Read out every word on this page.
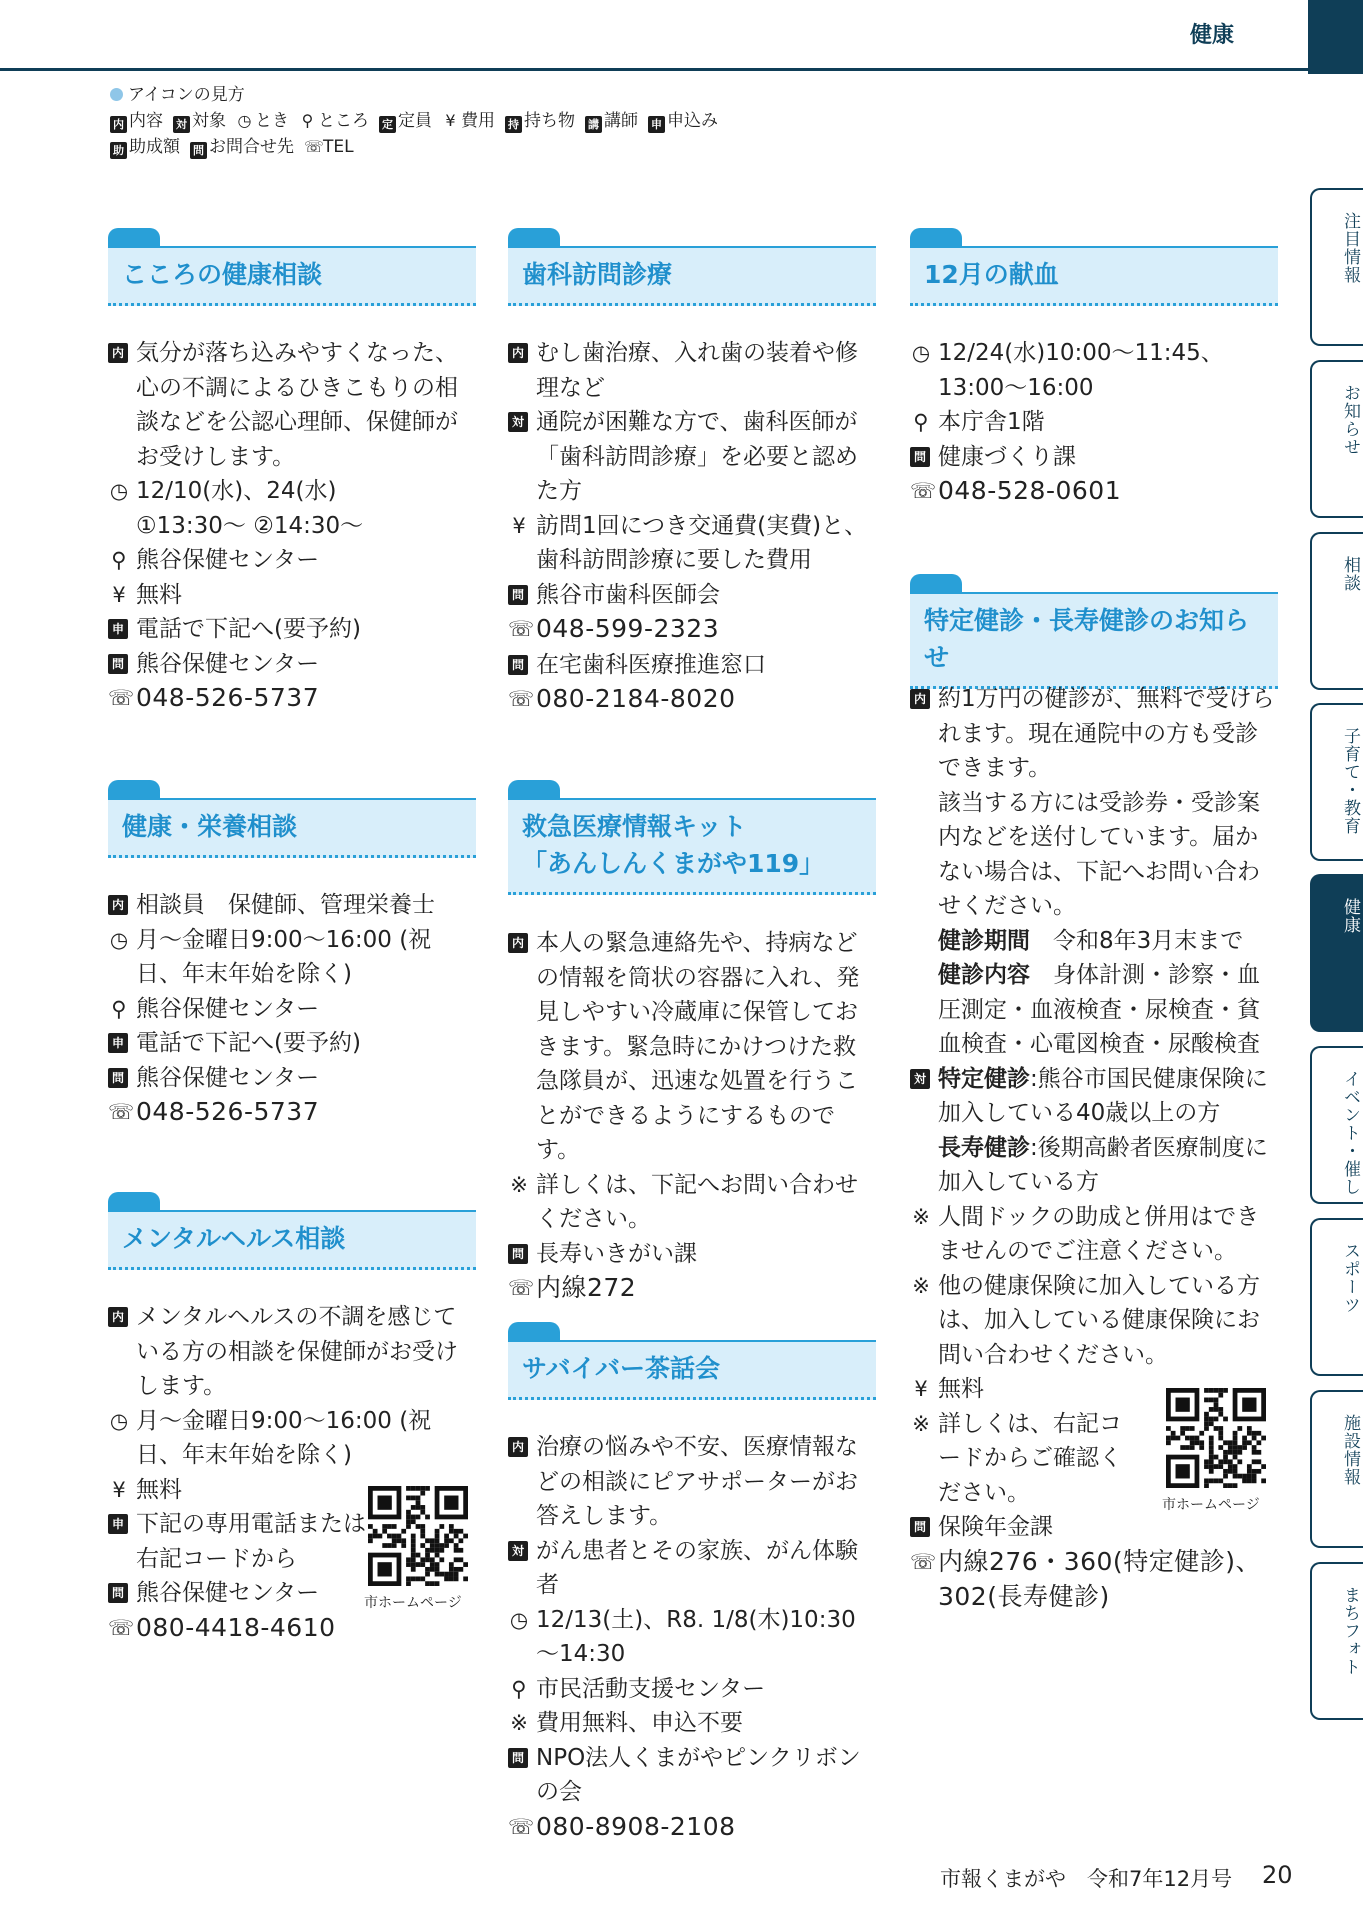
健康
アイコンの見方
内 内容 対 対象 ◷ とき ⚲ ところ 定 定員 ¥ 費用 持 持ち物 講 講師 申 申込み
助 助成額 問 お問合せ先 ☏TEL
注目情報
お知らせ
相談
子育て・教育
健康
イベント・催し
スポーツ
施設情報
まちフォト
こころの健康相談
内 気分が落ち込みやすくなった、心の不調によるひきこもりの相談などを公認心理師、保健師がお受けします。
◷ 12/10(水)、24(水)
①13:30〜 ②14:30〜
⚲ 熊谷保健センター
¥ 無料
申 電話で下記へ(要予約)
問 熊谷保健センター
☏ 048-526-5737
健康・栄養相談
内 相談員　保健師、管理栄養士
◷ 月〜金曜日9:00〜16:00 (祝日、年末年始を除く)
⚲ 熊谷保健センター
申 電話で下記へ(要予約)
問 熊谷保健センター
☏ 048-526-5737
メンタルヘルス相談
内 メンタルヘルスの不調を感じている方の相談を保健師がお受けします。
◷ 月〜金曜日9:00〜16:00 (祝日、年末年始を除く)
¥ 無料
申 下記の専用電話または右記コードから
問 熊谷保健センター
☏ 080-4418-4610
歯科訪問診療
内 むし歯治療、入れ歯の装着や修理など
対 通院が困難な方で、歯科医師が「歯科訪問診療」を必要と認めた方
¥ 訪問1回につき交通費(実費)と、歯科訪問診療に要した費用
問 熊谷市歯科医師会
☏ 048-599-2323
問 在宅歯科医療推進窓口
☏ 080-2184-8020
救急医療情報キット
「あんしんくまがや119」
内 本人の緊急連絡先や、持病などの情報を筒状の容器に入れ、発見しやすい冷蔵庫に保管しておきます。緊急時にかけつけた救急隊員が、迅速な処置を行うことができるようにするものです。
※ 詳しくは、下記へお問い合わせください。
問 長寿いきがい課
☏ 内線272
サバイバー茶話会
内 治療の悩みや不安、医療情報などの相談にピアサポーターがお答えします。
対 がん患者とその家族、がん体験者
◷ 12/13(土)、R8. 1/8(木)10:30 〜14:30
⚲ 市民活動支援センター
※ 費用無料、申込不要
問 NPO法人くまがやピンクリボンの会
☏ 080-8908-2108
12月の献血
◷ 12/24(水)10:00〜11:45、13:00〜16:00
⚲ 本庁舎1階
問 健康づくり課
☏ 048-528-0601
特定健診・長寿健診のお知らせ
内 約1万円の健診が、無料で受けられます。現在通院中の方も受診できます。
該当する方には受診券・受診案内などを送付しています。届かない場合は、下記へお問い合わせください。
健診期間　令和8年3月末まで
健診内容　身体計測・診察・血圧測定・血液検査・尿検査・貧血検査・心電図検査・尿酸検査
対 特定健診:熊谷市国民健康保険に加入している40歳以上の方
長寿健診:後期高齢者医療制度に加入している方
※ 人間ドックの助成と併用はできませんのでご注意ください。
※ 他の健康保険に加入している方は、加入している健康保険にお問い合わせください。
¥ 無料
※ 詳しくは、右記コードからご確認ください。
問 保険年金課
☏ 内線276・360(特定健診)、302(長寿健診)
市報くまがや　令和7年12月号 20
市ホームページ
市ホームページ
